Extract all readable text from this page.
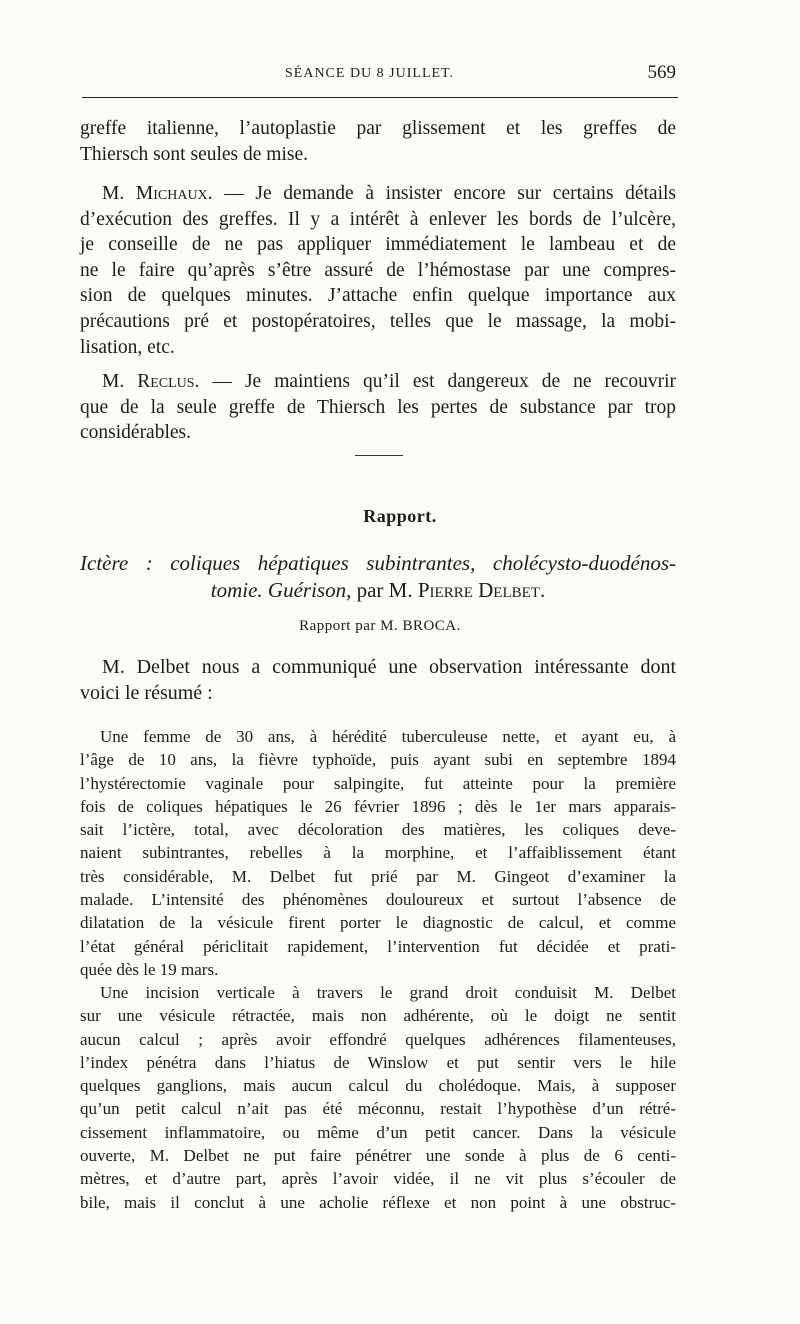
SÉANCE DU 8 JUILLET.	569

greffe italienne, l’autoplastie par glissement et les greffes de
Thiersch sont seules de mise.

M. Michaux. — Je demande à insister encore sur certains détails
d’exécution des greffes. Il y a intérêt à enlever les bords de l’ulcère,
je conseille de ne pas appliquer immédiatement le lambeau et de
ne le faire qu’après s’être assuré de l’hémostase par une compres-
sion de quelques minutes. J’attache enfin quelque importance aux
précautions pré et postopératoires, telles que le massage, la mobi-
lisation, etc.

M. Reclus. — Je maintiens qu’il est dangereux de ne recouvrir
que de la seule greffe de Thiersch les pertes de substance par trop
considérables.

Rapport.
Ictère : coliques hépatiques subintrantes, cholécysto-duodénos-
tomie. Guérison, par M. Pierre Delbet.
Rapport par M. BROCA.

M. Delbet nous a communiqué une observation intéressante dont
voici le résumé :

Une femme de 30 ans, à hérédité tuberculeuse nette, et ayant eu, à
l’âge de 10 ans, la fièvre typhoïde, puis ayant subi en septembre 1894
l’hystérectomie vaginale pour salpingite, fut atteinte pour la première
fois de coliques hépatiques le 26 février 1896 ; dès le 1er mars apparais-
sait l’ictère, total, avec décoloration des matières, les coliques deve-
naient subintrantes, rebelles à la morphine, et l’affaiblissement étant
très considérable, M. Delbet fut prié par M. Gingeot d’examiner la
malade. L’intensité des phénomènes douloureux et surtout l’absence de
dilatation de la vésicule firent porter le diagnostic de calcul, et comme
l’état général périclitait rapidement, l’intervention fut décidée et prati-
quée dès le 19 mars.

Une incision verticale à travers le grand droit conduisit M. Delbet
sur une vésicule rétractée, mais non adhérente, où le doigt ne sentit
aucun calcul ; après avoir effondré quelques adhérences filamenteuses,
l’index pénétra dans l’hiatus de Winslow et put sentir vers le hile
quelques ganglions, mais aucun calcul du cholédoque. Mais, à supposer
qu’un petit calcul n’ait pas été méconnu, restait l’hypothèse d’un rétré-
cissement inflammatoire, ou même d’un petit cancer. Dans la vésicule
ouverte, M. Delbet ne put faire pénétrer une sonde à plus de 6 centi-
mètres, et d’autre part, après l’avoir vidée, il ne vit plus s’écouler de
bile, mais il conclut à une acholie réflexe et non point à une obstruc-
